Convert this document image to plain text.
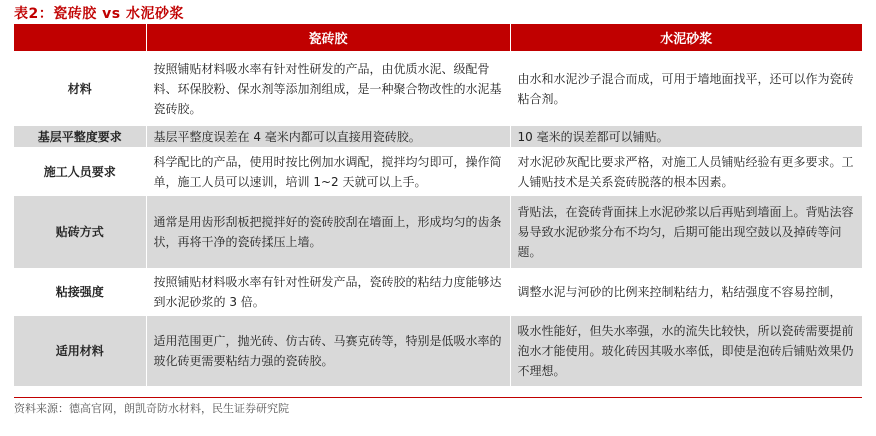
表2：瓷砖胶 vs 水泥砂浆
	瓷砖胶	水泥砂浆
材料	按照铺贴材料吸水率有针对性研发的产品，由优质水泥、级配骨料、环保胶粉、保水剂等添加剂组成，是一种聚合物改性的水泥基瓷砖胶。	由水和水泥沙子混合而成，可用于墙地面找平，还可以作为瓷砖粘合剂。
基层平整度要求	基层平整度误差在 4 毫米内都可以直接用瓷砖胶。	10 毫米的误差都可以铺贴。
施工人员要求	科学配比的产品，使用时按比例加水调配，搅拌均匀即可，操作简单，施工人员可以速训，培训 1~2 天就可以上手。	对水泥砂灰配比要求严格，对施工人员铺贴经验有更多要求。工人铺贴技术是关系瓷砖脱落的根本因素。
贴砖方式	通常是用齿形刮板把搅拌好的瓷砖胶刮在墙面上，形成均匀的齿条状，再将干净的瓷砖揉压上墙。	背贴法，在瓷砖背面抹上水泥砂浆以后再贴到墙面上。背贴法容易导致水泥砂浆分布不均匀，后期可能出现空鼓以及掉砖等问题。
粘接强度	按照铺贴材料吸水率有针对性研发产品，瓷砖胶的粘结力度能够达到水泥砂浆的 3 倍。	调整水泥与河砂的比例来控制粘结力，粘结强度不容易控制，
适用材料	适用范围更广，抛光砖、仿古砖、马赛克砖等，特别是低吸水率的玻化砖更需要粘结力强的瓷砖胶。	吸水性能好，但失水率强，水的流失比较快，所以瓷砖需要提前泡水才能使用。玻化砖因其吸水率低，即使是泡砖后铺贴效果仍不理想。
资料来源：德高官网，朗凯奇防水材料，民生证券研究院
